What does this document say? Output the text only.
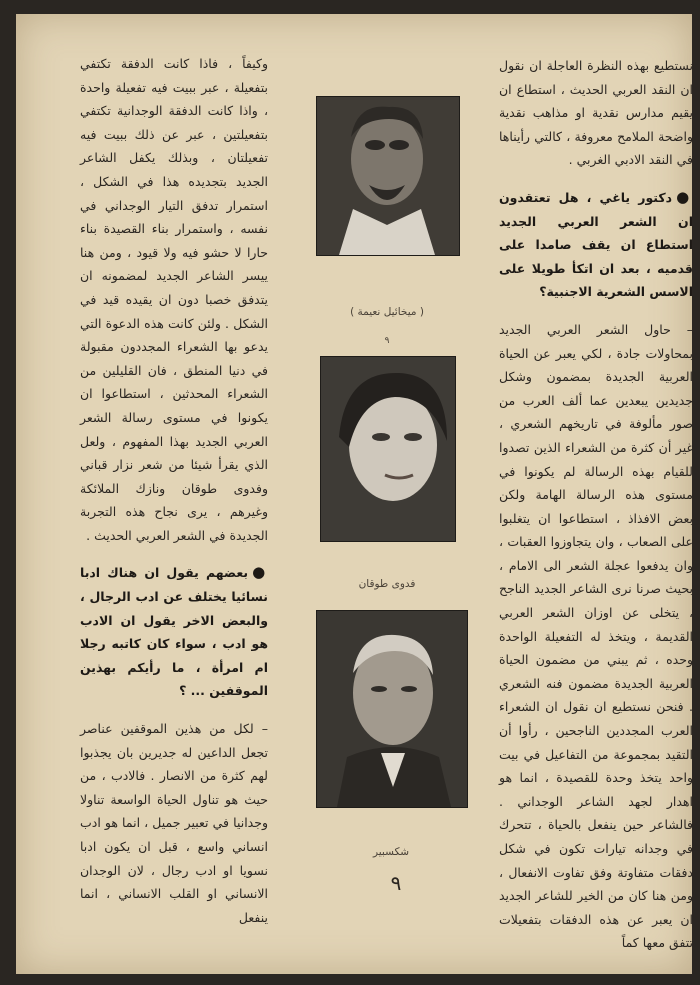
نستطيع بهذه النظرة العاجلة ان نقول ان النقد العربي الحديث ، استطاع ان يقيم مدارس نقدية او مذاهب نقدية واضحة الملامح معروفة ، كالتي رأيناها في النقد الادبي الغربي .

●دكتور ياغي ، هل تعتقدون ان الشعر العربي الجديد استطاع ان يقف صامدا على قدميه ، بعد ان اتكأ طويلا على الاسس الشعرية الاجنبية؟

– حاول الشعر العربي الجديد بمحاولات جادة ، لكي يعبر عن الحياة العربية الجديدة بمضمون وشكل جديدين يبعدين عما ألف العرب من صور مألوفة في تاريخهم الشعري ، غير أن كثرة من الشعراء الذين تصدوا للقيام بهذه الرسالة لم يكونوا في مستوى هذه الرسالة الهامة ولكن بعض الافذاذ ، استطاعوا ان يتغلبوا على الصعاب ، وان يتجاوزوا العقبات ، وان يدفعوا عجلة الشعر الى الامام ، بحيث صرنا نرى الشاعر الجديد الناجح ، يتخلى عن اوزان الشعر العربي القديمة ، ويتخذ له التفعيلة الواحدة وحده ، ثم يبني من مضمون الحياة العربية الجديدة مضمون فنه الشعري . فنحن نستطيع ان نقول ان الشعراء العرب المجددين الناجحين ، رأوا أن التقيد بمجموعة من التفاعيل في بيت واحد يتخذ وحدة للقصيدة ، انما هو اهدار لجهد الشاعر الوجداني . فالشاعر حين ينفعل بالحياة ، تتحرك في وجدانه تيارات تكون في شكل دفقات متفاوتة وفق تفاوت الانفعال ، ومن هنا كان من الخير للشاعر الجديد ان يعبر عن هذه الدفقات بتفعيلات تتفق معها كماً

( ميخائيل نعيمة )
٩
فدوى طوقان
شكسبير
٩

وكيفاً ، فاذا كانت الدفقة تكتفي بتفعيلة ، عبر ببيت فيه تفعيلة واحدة ، واذا كانت الدفقة الوجدانية تكتفي بتفعيلتين ، عبر عن ذلك ببيت فيه تفعيلتان ، وبذلك يكفل الشاعر الجديد بتجديده هذا في الشكل ، استمرار تدفق التيار الوجداني في نفسه ، واستمرار بناء القصيدة بناء حارا لا حشو فيه ولا قيود ، ومن هنا ييسر الشاعر الجديد لمضمونه ان يتدفق خصبا دون ان يقيده قيد في الشكل . ولئن كانت هذه الدعوة التي يدعو بها الشعراء المجددون مقبولة في دنيا المنطق ، فان القليلين من الشعراء المحدثين ، استطاعوا ان يكونوا في مستوى رسالة الشعر العربي الجديد بهذا المفهوم ، ولعل الذي يقرأ شيئا من شعر نزار قباني وفدوى طوقان ونازك الملائكة وغيرهم ، يرى نجاح هذه التجربة الجديدة في الشعر العربي الحديث .

●بعضهم يقول ان هناك ادبا نسائيا يختلف عن ادب الرجال ، والبعض الاخر يقول ان الادب هو ادب ، سواء كان كاتبه رجلا ام امرأة ، ما رأيكم بهذين الموقفين ... ؟

– لكل من هذين الموقفين عناصر تجعل الداعين له جديرين بان يجذبوا لهم كثرة من الانصار . فالادب ، من حيث هو تناول الحياة الواسعة تناولا وجدانيا في تعبير جميل ، انما هو ادب انساني واسع ، قبل ان يكون ادبا نسويا او ادب رجال ، لان الوجدان الانساني او القلب الانساني ، انما ينفعل
